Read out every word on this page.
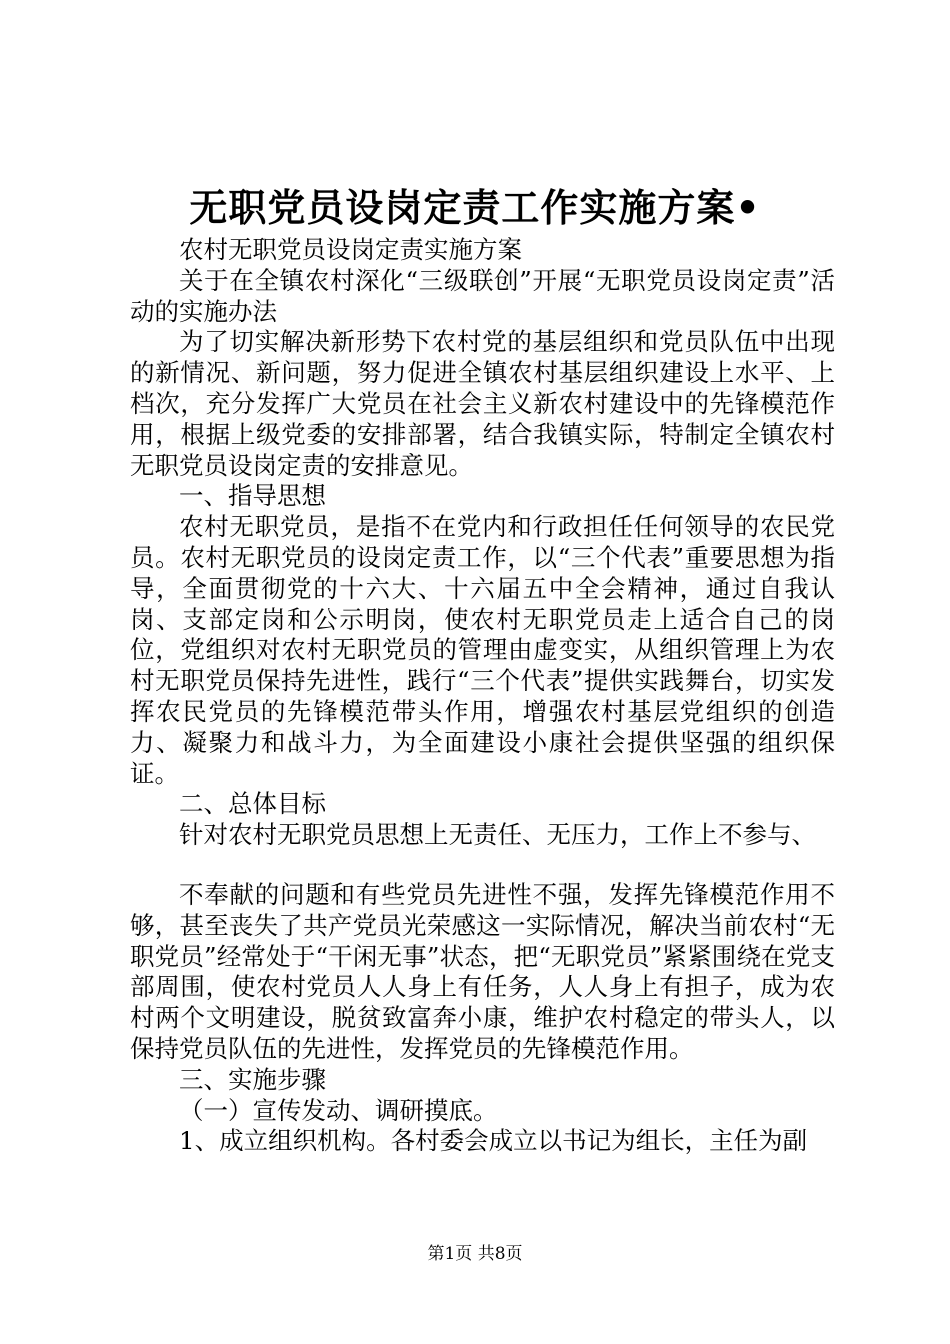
无职党员设岗定责工作实施方案•

农村无职党员设岗定责实施方案

关于在全镇农村深化“三级联创”开展“无职党员设岗定责”活动的实施办法

为了切实解决新形势下农村党的基层组织和党员队伍中出现的新情况、新问题，努力促进全镇农村基层组织建设上水平、上档次，充分发挥广大党员在社会主义新农村建设中的先锋模范作用，根据上级党委的安排部署，结合我镇实际，特制定全镇农村无职党员设岗定责的安排意见。

一、指导思想

农村无职党员，是指不在党内和行政担任任何领导的农民党员。农村无职党员的设岗定责工作，以“三个代表”重要思想为指导，全面贯彻党的十六大、十六届五中全会精神，通过自我认岗、支部定岗和公示明岗，使农村无职党员走上适合自己的岗位，党组织对农村无职党员的管理由虚变实，从组织管理上为农村无职党员保持先进性，践行“三个代表”提供实践舞台，切实发挥农民党员的先锋模范带头作用，增强农村基层党组织的创造力、凝聚力和战斗力，为全面建设小康社会提供坚强的组织保证。

二、总体目标

针对农村无职党员思想上无责任、无压力，工作上不参与、

不奉献的问题和有些党员先进性不强，发挥先锋模范作用不够，甚至丧失了共产党员光荣感这一实际情况，解决当前农村“无职党员”经常处于“干闲无事”状态，把“无职党员”紧紧围绕在党支部周围，使农村党员人人身上有任务，人人身上有担子，成为农村两个文明建设，脱贫致富奔小康，维护农村稳定的带头人，以保持党员队伍的先进性，发挥党员的先锋模范作用。

三、实施步骤

（一）宣传发动、调研摸底。

1、成立组织机构。各村委会成立以书记为组长，主任为副

第1页 共8页
